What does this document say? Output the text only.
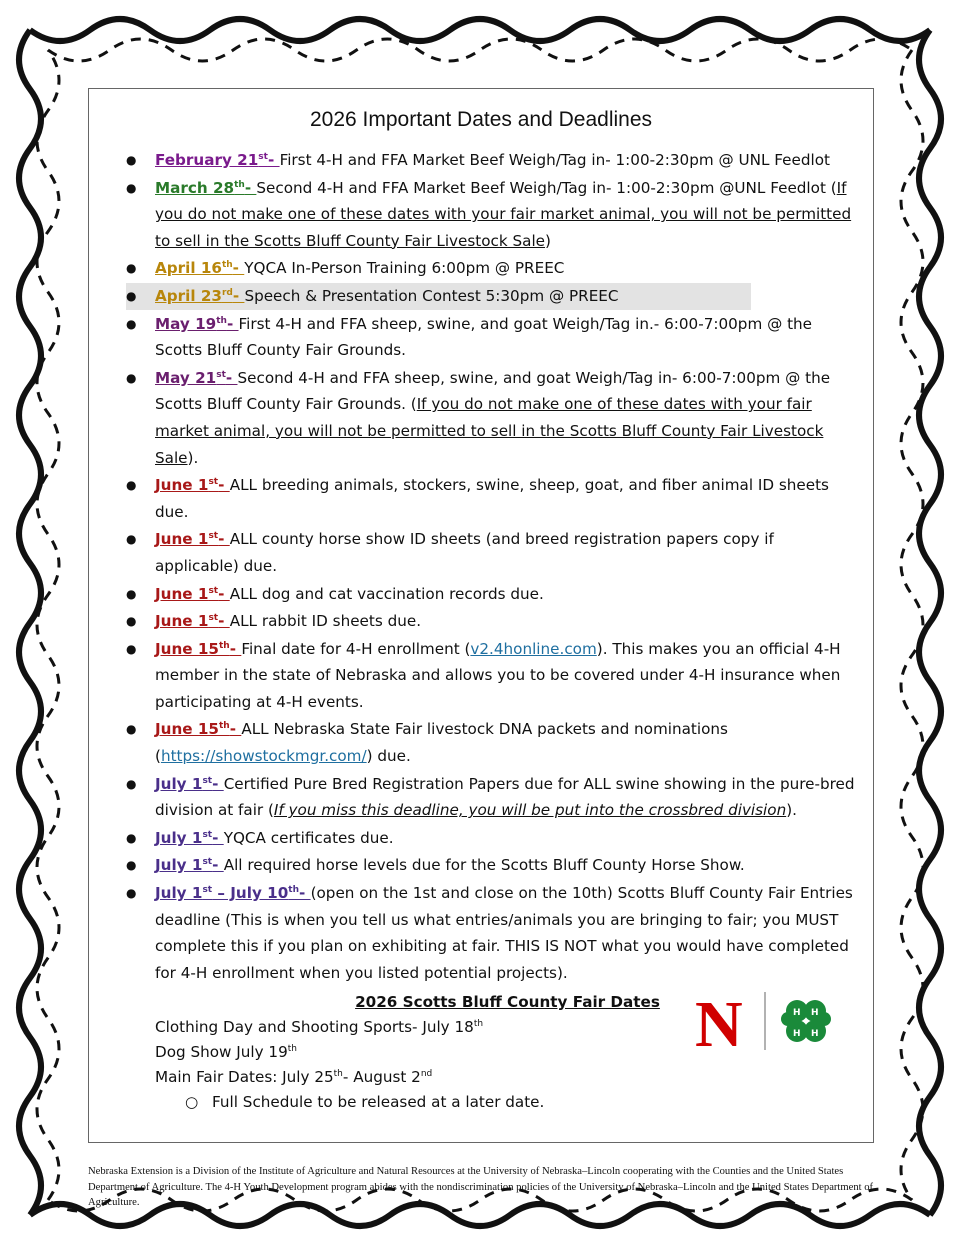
2026 Important Dates and Deadlines
● February 21st- First 4-H and FFA Market Beef Weigh/Tag in- 1:00-2:30pm @ UNL Feedlot
● March 28th- Second 4-H and FFA Market Beef Weigh/Tag in- 1:00-2:30pm @UNL Feedlot (If you do not make one of these dates with your fair market animal, you will not be permitted to sell in the Scotts Bluff County Fair Livestock Sale)
● April 16th- YQCA In-Person Training 6:00pm @ PREEC
● April 23rd- Speech & Presentation Contest 5:30pm @ PREEC
● May 19th- First 4-H and FFA sheep, swine, and goat Weigh/Tag in.- 6:00-7:00pm @ the Scotts Bluff County Fair Grounds.
● May 21st- Second 4-H and FFA sheep, swine, and goat Weigh/Tag in- 6:00-7:00pm @ the Scotts Bluff County Fair Grounds. (If you do not make one of these dates with your fair market animal, you will not be permitted to sell in the Scotts Bluff County Fair Livestock Sale).
● June 1st- ALL breeding animals, stockers, swine, sheep, goat, and fiber animal ID sheets due.
● June 1st- ALL county horse show ID sheets (and breed registration papers copy if applicable) due.
● June 1st- ALL dog and cat vaccination records due.
● June 1st- ALL rabbit ID sheets due.
● June 15th- Final date for 4-H enrollment (v2.4honline.com). This makes you an official 4-H member in the state of Nebraska and allows you to be covered under 4-H insurance when participating at 4-H events.
● June 15th- ALL Nebraska State Fair livestock DNA packets and nominations (https://showstockmgr.com/) due.
● July 1st- Certified Pure Bred Registration Papers due for ALL swine showing in the pure-bred division at fair (If you miss this deadline, you will be put into the crossbred division).
● July 1st- YQCA certificates due.
● July 1st- All required horse levels due for the Scotts Bluff County Horse Show.
● July 1st – July 10th- (open on the 1st and close on the 10th) Scotts Bluff County Fair Entries deadline (This is when you tell us what entries/animals you are bringing to fair; you MUST complete this if you plan on exhibiting at fair. THIS IS NOT what you would have completed for 4-H enrollment when you listed potential projects).
2026 Scotts Bluff County Fair Dates
Clothing Day and Shooting Sports- July 18th
Dog Show July 19th
Main Fair Dates: July 25th- August 2nd
○ Full Schedule to be released at a later date.
N	H H
H H
Nebraska Extension is a Division of the Institute of Agriculture and Natural Resources at the University of Nebraska–Lincoln cooperating with the Counties and the United States Department of Agriculture. The 4-H Youth Development program abides with the nondiscrimination policies of the University of Nebraska–Lincoln and the United States Department of Agriculture.
